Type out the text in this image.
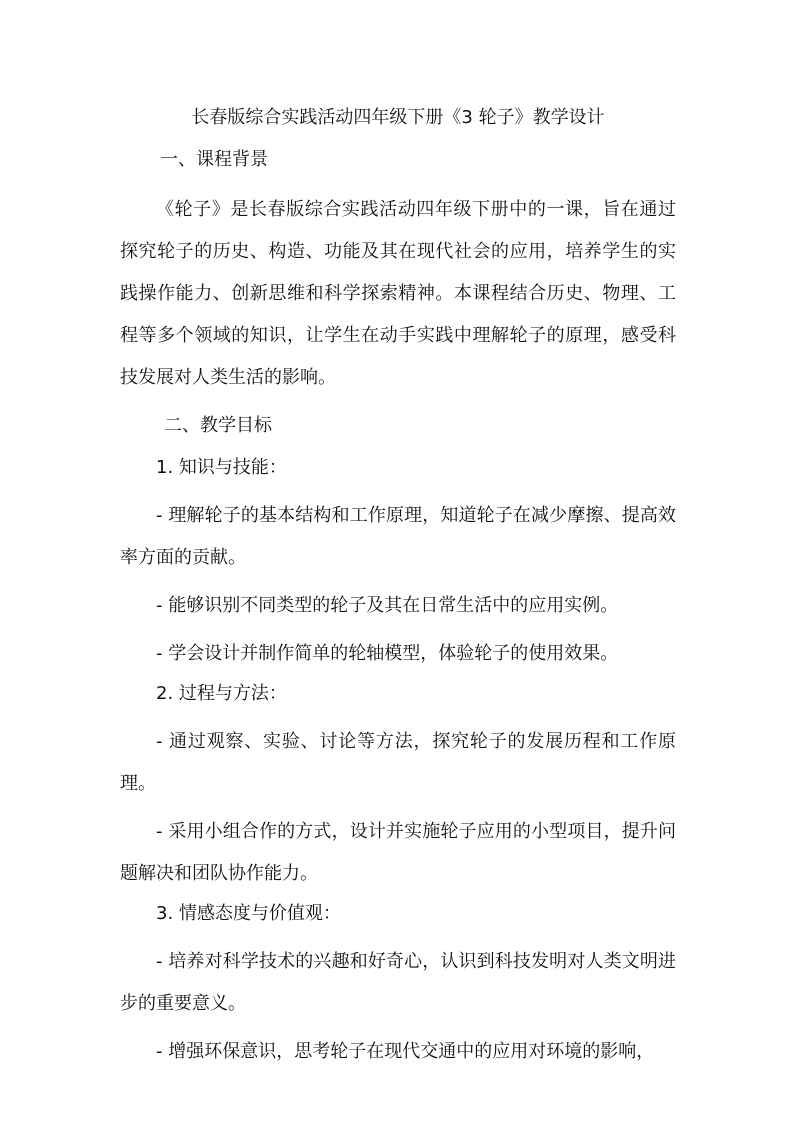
长春版综合实践活动四年级下册《3 轮子》教学设计
一、课程背景
《轮子》是长春版综合实践活动四年级下册中的一课，旨在通过探究轮子的历史、构造、功能及其在现代社会的应用，培养学生的实践操作能力、创新思维和科学探索精神。本课程结合历史、物理、工程等多个领域的知识，让学生在动手实践中理解轮子的原理，感受科技发展对人类生活的影响。
二、教学目标
1. 知识与技能：
- 理解轮子的基本结构和工作原理，知道轮子在减少摩擦、提高效率方面的贡献。
- 能够识别不同类型的轮子及其在日常生活中的应用实例。
- 学会设计并制作简单的轮轴模型，体验轮子的使用效果。
2. 过程与方法：
- 通过观察、实验、讨论等方法，探究轮子的发展历程和工作原理。
- 采用小组合作的方式，设计并实施轮子应用的小型项目，提升问题解决和团队协作能力。
3. 情感态度与价值观：
- 培养对科学技术的兴趣和好奇心，认识到科技发明对人类文明进步的重要意义。
- 增强环保意识，思考轮子在现代交通中的应用对环境的影响，
